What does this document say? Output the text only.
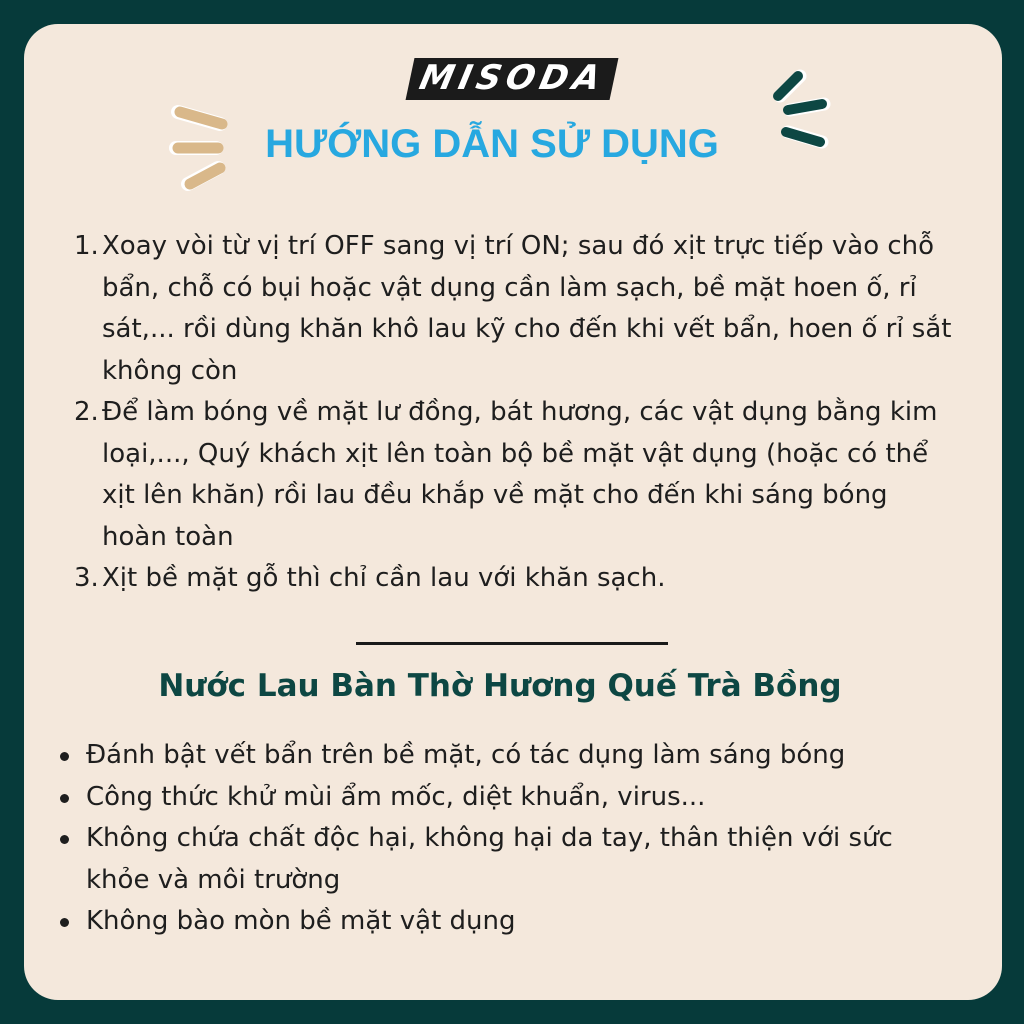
MISODA
HƯỚNG DẪN SỬ DỤNG
1. Xoay vòi từ vị trí OFF sang vị trí ON; sau đó xịt trực tiếp vào chỗ bẩn, chỗ có bụi hoặc vật dụng cần làm sạch, bề mặt hoen ố, rỉ sát,... rồi dùng khăn khô lau kỹ cho đến khi vết bẩn, hoen ố rỉ sắt không còn
2. Để làm bóng về mặt lư đồng, bát hương, các vật dụng bằng kim loại,..., Quý khách xịt lên toàn bộ bề mặt vật dụng (hoặc có thể xịt lên khăn) rồi lau đều khắp về mặt cho đến khi sáng bóng hoàn toàn
3. Xịt bề mặt gỗ thì chỉ cần lau với khăn sạch.
Nước Lau Bàn Thờ Hương Quế Trà Bồng
Đánh bật vết bẩn trên bề mặt, có tác dụng làm sáng bóng
Công thức khử mùi ẩm mốc, diệt khuẩn, virus...
Không chứa chất độc hại, không hại da tay, thân thiện với sức khỏe và môi trường
Không bào mòn bề mặt vật dụng
